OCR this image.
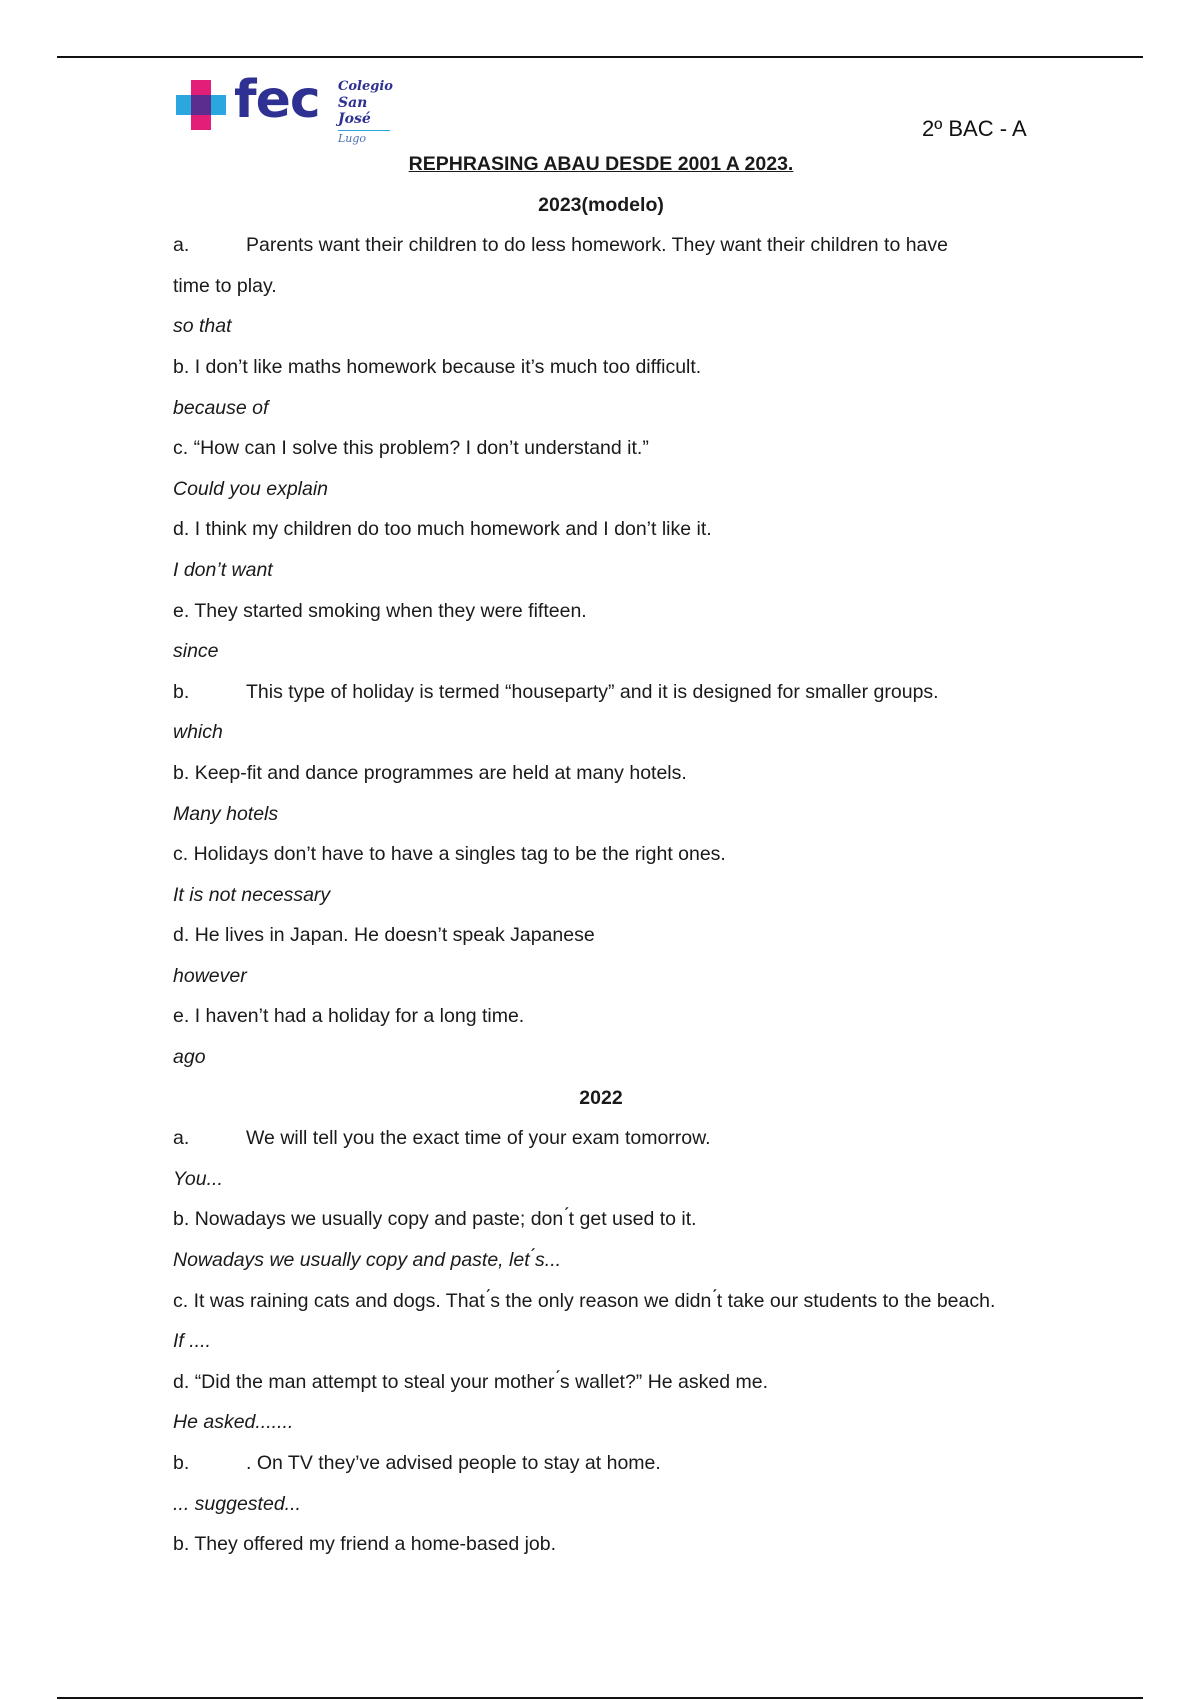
fec Colegio
San José
Lugo	2º BAC - A
REPHRASING ABAU DESDE 2001 A 2023.
2023(modelo)
a.	Parents want their children to do less homework. They want their children to have
time to play.
so that
b. I don’t like maths homework because it’s much too difficult.
because of
c. “How can I solve this problem? I don’t understand it.”
Could you explain
d. I think my children do too much homework and I don’t like it.
I don’t want
e. They started smoking when they were fifteen.
since
b.	This type of holiday is termed “houseparty” and it is designed for smaller groups.
which
b. Keep-fit and dance programmes are held at many hotels.
Many hotels
c. Holidays don’t have to have a singles tag to be the right ones.
It is not necessary
d. He lives in Japan. He doesn’t speak Japanese
however
e. I haven’t had a holiday for a long time.
ago
2022
a.	We will tell you the exact time of your exam tomorrow.
You...
b. Nowadays we usually copy and paste; don ́t get used to it.
Nowadays we usually copy and paste, let ́s...
c. It was raining cats and dogs. That ́s the only reason we didn ́t take our students to the beach.
If ....
d. “Did the man attempt to steal your mother ́s wallet?” He asked me.
He asked.......
b.	. On TV they’ve advised people to stay at home.
... suggested...
b. They offered my friend a home-based job.
